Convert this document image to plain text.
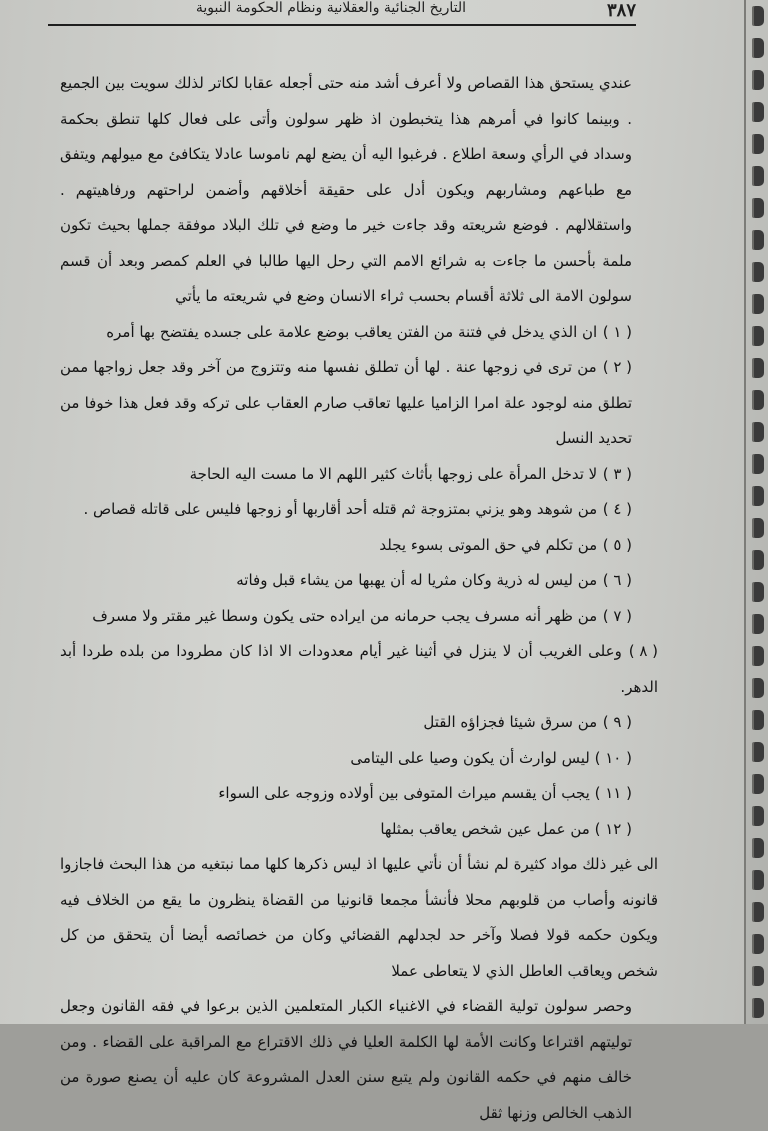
٣٨٧
التاريخ الجنائية والعقلانية ونظام الحكومة النبوية

عندي يستحق هذا القصاص ولا أعرف أشد منه حتى أجعله عقابا لكاتر لذلك سويت بين الجميع . وبينما كانوا في أمرهم هذا يتخبطون اذ ظهر سولون وأتى على فعال كلها تنطق بحكمة وسداد في الرأي وسعة اطلاع . فرغبوا اليه أن يضع لهم ناموسا عادلا يتكافئ مع ميولهم ويتفق مع طباعهم ومشاربهم ويكون أدل على حقيقة أخلاقهم وأضمن لراحتهم ورفاهيتهم . واستقلالهم . فوضع شريعته وقد جاءت خير ما وضع في تلك البلاد موفقة جملها بحيث تكون ملمة بأحسن ما جاءت به شرائع الامم التي رحل اليها طالبا في العلم كمصر وبعد أن قسم سولون الامة الى ثلاثة أقسام بحسب ثراء الانسان وضع في شريعته ما يأتي

( ١ ) ان الذي يدخل في فتنة من الفتن يعاقب بوضع علامة على جسده يفتضح بها أمره
( ٢ ) من ترى في زوجها عنة . لها أن تطلق نفسها منه وتتزوج من آخر وقد جعل زواجها ممن تطلق منه لوجود علة امرا الزاميا عليها تعاقب صارم العقاب على تركه وقد فعل هذا خوفا من تحديد النسل
( ٣ ) لا تدخل المرأة على زوجها بأثاث كثير اللهم الا ما مست اليه الحاجة
( ٤ ) من شوهد وهو يزني بمتزوجة ثم قتله أحد أقاربها أو زوجها فليس على قاتله قصاص .
( ٥ ) من تكلم في حق الموتى بسوء يجلد
( ٦ ) من ليس له ذرية وكان مثريا له أن يهبها من يشاء قبل وفاته
( ٧ ) من ظهر أنه مسرف يجب حرمانه من ايراده حتى يكون وسطا غير مقتر ولا مسرف
( ٨ ) وعلى الغريب أن لا ينزل في أثينا غير أيام معدودات الا اذا كان مطرودا من بلده طردا أبد الدهر.
( ٩ ) من سرق شيئا فجزاؤه القتل
( ١٠ ) ليس لوارث أن يكون وصيا على اليتامى
( ١١ ) يجب أن يقسم ميراث المتوفى بين أولاده وزوجه على السواء
( ١٢ ) من عمل عين شخص يعاقب بمثلها

الى غير ذلك مواد كثيرة لم نشأ أن نأتي عليها اذ ليس ذكرها كلها مما نبتغيه من هذا البحث فاجازوا قانونه وأصاب من قلوبهم محلا فأنشأ مجمعا قانونيا من القضاة ينظرون ما يقع من الخلاف فيه ويكون حكمه قولا فصلا وآخر حد لجدلهم القضائي وكان من خصائصه أيضا أن يتحقق من كل شخص ويعاقب العاطل الذي لا يتعاطى عملا

وحصر سولون تولية القضاء في الاغنياء الكبار المتعلمين الذين برعوا في فقه القانون وجعل توليتهم اقتراعا وكانت الأمة لها الكلمة العليا في ذلك الاقتراع مع المراقبة على القضاء . ومن خالف منهم في حكمه القانون ولم يتبع سنن العدل المشروعة كان عليه أن يصنع صورة من الذهب الخالص وزنها ثقل
